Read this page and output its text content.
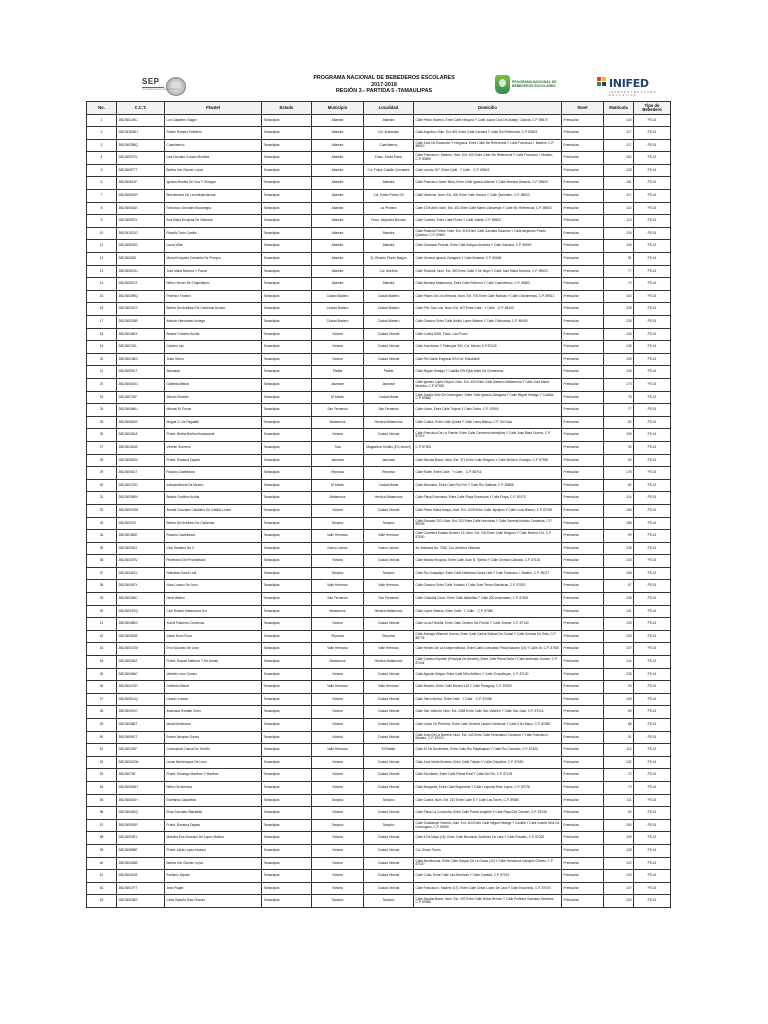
SEP
SECRETARÍA DE EDUCACIÓN PÚBLICA
PROGRAMA NACIONAL DE BEBEDEROS ESCOLARES
2017-2018
REGIÓN 3.- PARTIDA 5 -TAMAULIPAS
PROGRAMA NACIONAL DE BEBEDEROS ESCOLARES	INIFED
INFRAESTRUCTURA EDUCATIVA
No.	C.C.T.	Plantel	Estado	Municipio	Localidad	Domicilio	Nivel	Matrícula	Tipo de Bebedero
1	28DJN0146C	Luz Caballero Viagon	Tamaulipas	Altamira	Altamira	Calle Pedro Moreno, Entre Calle Ninguno Y Calle Juana Cruz De Asbaje, Colonia, C.P. 89670	Preescolar	144	PS-01
2	28DJN1526H	Ruben Romero Pelletero	Tamaulipas	Altamira	Col. Arboledas	Calle Angelica, Núm. Ext. 801 Entre Calle Carolina Y Calle Sin Referencia, C.P. 89603	Preescolar	117	PS-01
3	28DJN0288Q	Cuauhtemoc	Tamaulipas	Altamira	Cuauhtemoc	Calle José De Escandón Y Helguera, Entre Calle Sin Referencia Y Calle Francisco I. Madero, C.P. 89610	Preescolar	117	PS-01
4	28DJN0973V	Luis Donaldo Colosio Murrieta	Tamaulipas	Altamira	Fracc. Santa Elena	Calle Francisco I. Madero, Núm. Ext. 100 Entre Calle Sin Referencia Y Calle Francisco I. Madero, C.P. 89609	Preescolar	162	PS-01
5	28DJN0877T	Bertha Von Glumer Leyva	Tamaulipas	Altamira	Col. Felipe Castillo Cervantes	Calle Laredo 107, Entre Calle . Y Calle . ,C.P. 89603	Preescolar	128	PS-01
6	28DJN0814F	Ignacio Montes De Oca Y Obregon	Tamaulipas	Altamira	Altamira	Calle Francisco Javier Mina, Entre Calle Ignacio Allende Y Calle Mariano Abasolo, C.P. 89600	Preescolar	151	PS-01
7	28DJN0991R	Bicentenario De La Independencia	Tamaulipas	Altamira	Col. Emilio Portes Gil	Calle Veracruz, Núm. Ext. 300 Entre Calle Sonora Y Calle Queretaro, C.P. 89603	Preescolar	117	PS-01
8	28DJN0532E	Francisco Gonzalez Bocanegra	Tamaulipas	Altamira	La Pedrera	Calle 2 De Abril, Núm. Ext. 401 Entre Calle Martín Zamarripa Y Calle Sin Referencia, C.P. 89603	Preescolar	114	PS-01
9	28DJN0957X	Ana Maria Hinojosa De Villarreal	Tamaulipas	Altamira	Fracc. Alejandro Briones	Calle Carmen, Entre Calle Flores Y Calle Julieta, C.P. 89603	Preescolar	113	PS-01
10	28DJN1022O	Rodolfo Toxin Carrillo	Tamaulipas	Altamira	Altamira	Calle Rolando Portes, Núm. Ext. 315 Entre Calle Candida Saucedo Y Calle Alejandro Pronto Quintero, C.P. 89600	Preescolar	126	PS-01
11	28DJN0878S	Laura Villar	Tamaulipas	Altamira	Altamira	Calle Diosdado Pereda, Entre Calle Antiguo Armenta Y Calle Galeana, C.P. 89600	Preescolar	106	PS-01
12	28DJN0362I	Maria Enriqueta Camarillo De Pereyra	Tamaulipas	Altamira	Ej. Ricardo Flores Magón	Calle General Ignacio Zaragoza Y Calle Maamar, C.P. 89608	Preescolar	81	PS-01
13	28DJN0876U	Jose Maria Morelos Y Pavon	Tamaulipas	Altamira	Col. Morelos	Calle Tecolote, Núm. Ext. 300 Entre Calle 2 De Mayo Y Calle José María Morelos, C.P. 89603	Preescolar	77	PS-01
14	28DJN0537Z	Niños Heroes De Chapultepec	Tamaulipas	Altamira	Altamira	Calle Mariano Matamoros, Entre Calle Reforma Y Calle Cuauhtemoc, C.P. 89600	Preescolar	74	PS-01
15	28DJN0289Q	Federico Froebel	Tamaulipas	Ciudad Madero	Ciudad Madero	Calle Paseo De Los Mexicas, Núm. Ext. 700 Entre Calle Nahoas Y Calle Chichimecas, C.P. 89512	Preescolar	102	PS-01
16	28DJN0267S	Bertha Del Avellano De Cardenas Durazo	Tamaulipas	Ciudad Madero	Ciudad Madero	Calle Priv. San Luis, Núm. Ext. 407 Entre Calle . Y Calle . ,C.P. 89440	Preescolar	126	PS-01
17	28DJN0028B	Antonio Hernandez Arriaga	Tamaulipas	Ciudad Madero	Ciudad Madero	Calle Oaxaca, Entre Calle Adolfo Lopez Mateos Y Calle Chihuahua, C.P. 89450	Preescolar	135	PS-01
18	28DJN0466X	Beatriz Ordoñez Acuña	Tamaulipas	Victoria	Ciudad Victoria	Calle Coreia 9026, Fracc. Las Flores	Preescolar	126	PS-01
19	28DJN0742L	Carmen Laz	Tamaulipas	Victoria	Ciudad Victoria	Calle Xochicalco Y Palenque S/N, Col. Mexico C.P.87049	Preescolar	135	PS-01
20	28DJN0156G	Justo Sierra	Tamaulipas	Victoria	Ciudad Victoria	Calle Río Santa Engracia S/N Col. Estudiantil	Preescolar	105	PS-01
21	28DJN0591T	Allamada	Tamaulipas	Padilla	Padilla	Calle Miguel Hidalgo Y Castilla S/N Ejido Martí De Chinameca	Preescolar	126	PS-01
22	28DJN0443G	Gabriela Mistral	Tamaulipas	Jaumave	Jaumave	Calle Ignacio Lopez Rayon, Núm. Ext. 400 Entre Calle Mariano Matamoros Y Calle José María Morelos, C.P. 87930	Preescolar	173	PS-01
23	28DJN0732F	Alberto Einstein	Tamaulipas	El Mante	Ciudad Mante	Calle Josefa Ortiz De Domínguez, Entre Calle Ignacio Zaragoza Y Calle Miguel Hidalgo Y Costilla, C.P. 89840	Preescolar	78	PS-01
24	28DJN0486U	Manuel M. Ponce	Tamaulipas	San Fernando	San Fernando	Calle Union, Entre Calle Tulipan Y Calle Cedro, C.P. 87600	Preescolar	77	PS-01
25	28DJN0818S	Magda G. De Pagalatti	Tamaulipas	Matamoros	Heroica Matamoros	Calle Cuarta, Entre Calle Quinta Y Calle Loma Blanca, C.P. Sin Dato	Preescolar	82	PS-01
26	28DJN0393A	Profra. Bertha Bertha Bustamante	Tamaulipas	Victoria	Ciudad Victoria	Calle Francisco De La Fuente, Entre Calle Carretera Interejidos Y Calle Juan Báez Guerra, C.P. 87019	Preescolar	195	PS-01
27	28DJN0461B	Vicente Guerrero	Tamaulipas	Tula	Magdaleno Cedillo (El Coronel)	C.P. 87900	Preescolar	92	PS-01
28	28DJN0540N	Profra. Rosaura Zapata	Tamaulipas	Jaumave	Jaumave	Calle Nicolas Bravo, Núm. Ext. 371 Entre Calle Ninguno Y Calle Melchor Ocampo, C.P. 87930	Preescolar	90	PS-01
29	28DJN0061T	Rosario Castellanos	Tamaulipas	Reynosa	Reynosa	Calle Roble, Entre Calle . Y Calle . ,C.P. 88716	Preescolar	178	PS-01
30	28DJN0722D	Independencia De Mexico	Tamaulipas	El Mante	Ciudad Mante	Calle Almendro, Entre Calle Río Frío Y Calle Río Sabinas, C.P. 89868	Preescolar	82	PS-01
31	28DJN0369N	Beatriz Ordoñez Acuña	Tamaulipas	Matamoros	Heroica Matamoros	Calle Playa Ensenada, Entre Calle Playa Ensenada Y Calle Playa, C.P. 87470	Preescolar	114	PS-01
32	28DJN0076M	Amalia Gonzalez Caballero De Castillo Ledon	Tamaulipas	Victoria	Ciudad Victoria	Calle Pedro Maria Anaya, Núm. Ext. 1025 Entre Calle Jiquilpan Y Calle Lucio Blanco, C.P. 87030	Preescolar	166	PS-01
33	28DJN0037I	Bertha Del Avellano De Cardenas	Tamaulipas	Tampico	Tampico	Calle Ecuador 203, Núm. Ext. 203 Entre Calle Honduras Y Calle General Antonio Cardenas, C.P. 89039	Preescolar	188	PS-01
34	28DJN0480E	Rosario Castellanos	Tamaulipas	Valle Hermoso	Valle Hermoso	Calle Carretera Estatal Número 15, Núm. Ext. 100 Entre Calle Ninguno Y Calle Brecha 124, C.P. 87500	Preescolar	99	PS-01
35	28DJN0053J	Club Sertoma No.3	Tamaulipas	Nuevo Laredo	Nuevo Laredo	Av. Alabama No. 7946, Col. America Villarreal	Preescolar	135	PS-01
36	28DJN0378V	Redencion Del Proletariado	Tamaulipas	Victoria	Ciudad Victoria	Calle Matías Hinojosa, Entre Calle Juan B. Tijerina Y Calle Orchard Calzada, C.P. 87130	Preescolar	133	PS-01
37	28DJN0461V	Natividad Garza Leal	Tamaulipas	Tampico	Tampico	Calle Río Guayalejo, Entre Calle Natividad Garza Leal Y Calle Francisco I. Madero, C.P. 89117	Preescolar	168	PS-01
38	28DJN0492Y	Nora Lozano De Leon	Tamaulipas	Valle Hermoso	Valle Hermoso	Calle Oaxaca, Entre Calle Yucatán Y Calle José Tereso Banderas, C.P. 87520	Preescolar	87	PS-01
39	28DJN0336C	Henri Wallon	Tamaulipas	San Fernando	San Fernando	Calle Cristobal Colon, Entre Calle Aldaeñas Y Calle 300 Aniversario, C.P. 87600	Preescolar	135	PS-01
40	28DJN0187Q	Club Rotario Matamoros Sur	Tamaulipas	Matamoros	Heroica Matamoros	Calle Lopez Mateos, Entre Calle . Y Calle . ,C.P. 87380	Preescolar	141	PS-01
41	28DJN0489S	Xochil Palomino Contreras	Tamaulipas	Victoria	Ciudad Victoria	Calle Lucía Pardiña, Entre Calle Camino Del Pueblo Y Calle Gizane, C.P. 87140	Preescolar	125	PS-01
42	28DJN0361B	Jaime Nuno Roca	Tamaulipas	Reynosa	Reynosa	Calle Arteaga Villarreal Guerra, Entre Calle Carlos Salinas De Gortari Y Calle Dolores De Soto, C.P. 88778	Preescolar	133	PS-01
43	28DJN0472M	Erro Solorzan De Leon	Tamaulipas	Valle Hermoso	Valle Hermoso	Calle Heroes De La Independencia, Entre Calle Licenciado Pavia Navarro (16) Y Calle 15, C.P. 87500	Preescolar	137	PS-01
44	28DJN0946Z	Profra. Raquel Martinez Y De Armas	Tamaulipas	Matamoros	Heroica Matamoros	Calle Camino Español (Principal De Arboles), Entre Calle Reina Sofia Y Calle Ambrosio Gomez, C.P. 87444	Preescolar	144	PS-01
45	28DJN0466C	Valentin Leon Gomez	Tamaulipas	Victoria	Ciudad Victoria	Calle Agustín Melgar, Entre Calle Niño Artillero Y Calle Chapultepec, C.P. 87130	Preescolar	228	PS-01
46	28DJN0472D	Gabriela Mistral	Tamaulipas	Valle Hermoso	Valle Hermoso	Calle Madero, Entre Calle Brecha 118 Y Calle Paraguay, C.P. 87500	Preescolar	90	PS-01
47	28DJN0911Q	Lizardo Lozano	Tamaulipas	Victoria	Ciudad Victoria	Calle Salvo Muñoz, Entre Calle . Y Calle . ,C.P. 87086	Preescolar	140	PS-01
48	28DJN0910C	Anamaria Robatte Cerro	Tamaulipas	Victoria	Ciudad Victoria	Calle San Valentin, Núm. Ext. 2068 Entre Calle San Valentín Y Calle San Juan, C.P. 87014	Preescolar	89	PS-01
49	28DJN0468T	Maria Montessori	Tamaulipas	Victoria	Ciudad Victoria	Calle Leyes De Reforma, Entre Calle General Lázaro Cárdenas Y Calle 5 De Mayo, C.P. 87088	Preescolar	86	PS-01
50	28DJN0551T	Emma Vazquez Garcia	Tamaulipas	Victoria	Ciudad Victoria	Calle Juan De La Barrera, Núm. Ext. 143 Entre Calle Venustiano Carranza Y Calle Francisco I. Madero, C.P. 87024	Preescolar	91	PS-01
51	28DJN0190F	Concepcion Garcia De Treviño	Tamaulipas	Valle Hermoso	El Realito	Calle 20 De Noviembre, Entre Calle Río Papaloapan Y Calle Río Colorado, C.P. 87520	Preescolar	112	PS-01
52	28DJN0522W	Lucas Montemayor De Leon	Tamaulipas	Victoria	Ciudad Victoria	Calle José María Morelos, Entre Calle Tulipán Y Calle Chiquillos, C.P. 87050	Preescolar	132	PS-01
53	28DJN0798	Profra. Domingo Martinez Y Martinez	Tamaulipas	Victoria	Ciudad Victoria	Calle Escobedo, Entre Calle Palma Real Y Calle Del Sol, C.P. 87125	Preescolar	72	PS-01
54	28DJN0906H	Niños De America	Tamaulipas	Victoria	Ciudad Victoria	Calle Margarita, Entre Calle Buganvilia Y Calle Leopoldo Reto Lopez, C.P. 87078	Preescolar	70	PS-01
55	28DJN0831H	Estefania Castañeda	Tamaulipas	Tampico	Tampico	Calle Cuarta, Núm. Ext. 213 Entre Calle D Y Calle Las Torres, C.P. 89360	Preescolar	111	PS-01
56	28DJN0462Q	Elvia Gonzalez Blackaller	Tamaulipas	Victoria	Ciudad Victoria	Calle Playa La Concordia, Entre Calle Puerto Angelito Y Calle Playa Del Carmen, C.P. 87048	Preescolar	90	PS-01
57	28DJN0530R	Profra. Rosaura Zapata	Tamaulipas	Tampico	Tampico	Calle Guadalupe Victoria, Núm. Ext. 404 Entre Calle Miguel Hidalgo Y Costilla Y Calle Josefa Ortiz De Dominguez, C.P. 89180	Preescolar	150	PS-01
58	28DJN0039Y	Maestra Eva Solorano De Lopez Mateos	Tamaulipas	Victoria	Ciudad Victoria	Calle 5 De Mayo (16), Entre Calle Bernardo Gutierrez De Lara Y Calle Rosales, C.P. 87000	Preescolar	139	PS-01
59	28DJN0898E	Profra. Alicia Lopez Amador	Tamaulipas	Victoria	Ciudad Victoria	Col. Simon Torres	Preescolar	125	PS-01
60	28DJN0463B	Bertha Von Glumer Leyva	Tamaulipas	Victoria	Ciudad Victoria	Calle Montezuma, Entre Calle Gaspar De La Garza (10) Y Calle Hermanos Vázquez Gómez, C.P. 87020	Preescolar	122	PS-01
61	28DJN0451B	Emiliano Zapata	Tamaulipas	Victoria	Ciudad Victoria	Calle Cuba, Entre Calle Las Americas Y Calle Canadá, C.P. 87019	Preescolar	103	PS-01
62	28DJN0197T	Jean Piaget	Tamaulipas	Victoria	Ciudad Victoria	Calle Francisco I. Madero (17), Entre Calle Cesar Lopez De Lara Y Calle Escobedo, C.P. 87000	Preescolar	147	PS-01
63	28DJN0035S	Celia Gabuño Diaz Chavez	Tamaulipas	Tampico	Tampico	Calle Nicolas Bravo, Núm. Ext. 297 Entre Calle Niños Heroes Y Calle Profesor Graciano Sanchez, C.P. 89366	Preescolar	104	PS-01
